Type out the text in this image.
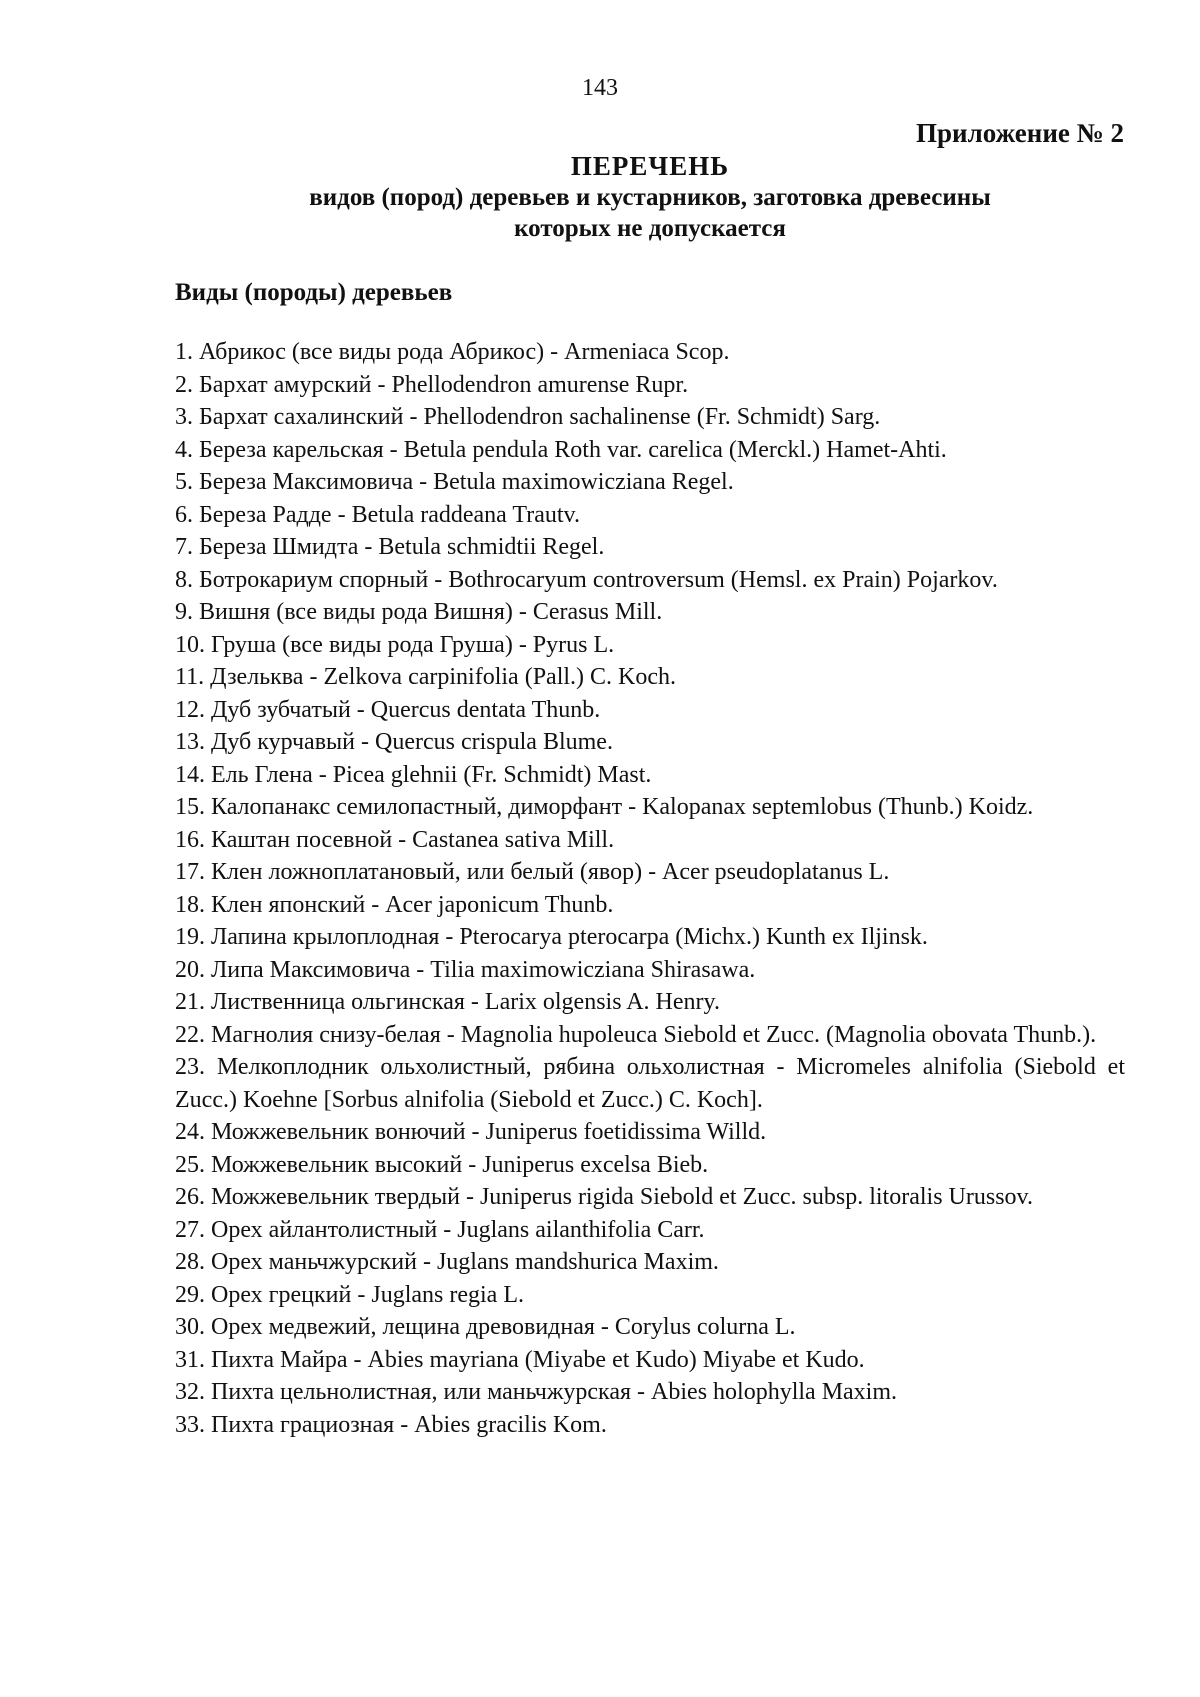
143
Приложение № 2
ПЕРЕЧЕНЬ
видов (пород) деревьев и кустарников, заготовка древесины
которых не допускается
Виды (породы) деревьев
1. Абрикос (все виды рода Абрикос) - Armeniaca Scop.
2. Бархат амурский - Phellodendron amurense Rupr.
3. Бархат сахалинский - Phellodendron sachalinense (Fr. Schmidt) Sarg.
4. Береза карельская - Betula pendula Roth var. carelica (Merckl.) Hamet-Ahti.
5. Береза Максимовича - Betula maximowicziana Regel.
6. Береза Радде - Betula raddeana Trautv.
7. Береза Шмидта - Betula schmidtii Regel.
8. Ботрокариум спорный - Bothrocaryum controversum (Hemsl. ex Prain) Pojarkov.
9. Вишня (все виды рода Вишня) - Cerasus Mill.
10. Груша (все виды рода Груша) - Pyrus L.
11. Дзельква - Zelkova carpinifolia (Pall.) C. Koch.
12. Дуб зубчатый - Quercus dentata Thunb.
13. Дуб курчавый - Quercus crispula Blume.
14. Ель Глена - Picea glehnii (Fr. Schmidt) Mast.
15. Калопанакс семилопастный, диморфант - Kalopanax septemlobus (Thunb.) Koidz.
16. Каштан посевной - Castanea sativa Mill.
17. Клен ложноплатановый, или белый (явор) - Acer pseudoplatanus L.
18. Клен японский - Acer japonicum Thunb.
19. Лапина крылоплодная - Pterocarya pterocarpa (Michx.) Kunth ex Iljinsk.
20. Липа Максимовича - Tilia maximowicziana Shirasawa.
21. Лиственница ольгинская - Larix olgensis A. Henry.
22. Магнолия снизу-белая - Magnolia hupoleuca Siebold et Zucc. (Magnolia obovata Thunb.).
23. Мелкоплодник ольхолистный, рябина ольхолистная - Micromeles alnifolia (Siebold et Zucc.) Koehne [Sorbus alnifolia (Siebold et Zucc.) C. Koch].
24. Можжевельник вонючий - Juniperus foetidissima Willd.
25. Можжевельник высокий - Juniperus excelsa Bieb.
26. Можжевельник твердый - Juniperus rigida Siebold et Zucc. subsp. litoralis Urussov.
27. Орех айлантолистный - Juglans ailanthifolia Carr.
28. Орех маньчжурский - Juglans mandshurica Maxim.
29. Орех грецкий - Juglans regia L.
30. Орех медвежий, лещина древовидная - Corylus colurna L.
31. Пихта Майра - Abies mayriana (Miyabe et Kudo) Miyabe et Kudo.
32. Пихта цельнолистная, или маньчжурская - Abies holophylla Maxim.
33. Пихта грациозная - Abies gracilis Kom.
